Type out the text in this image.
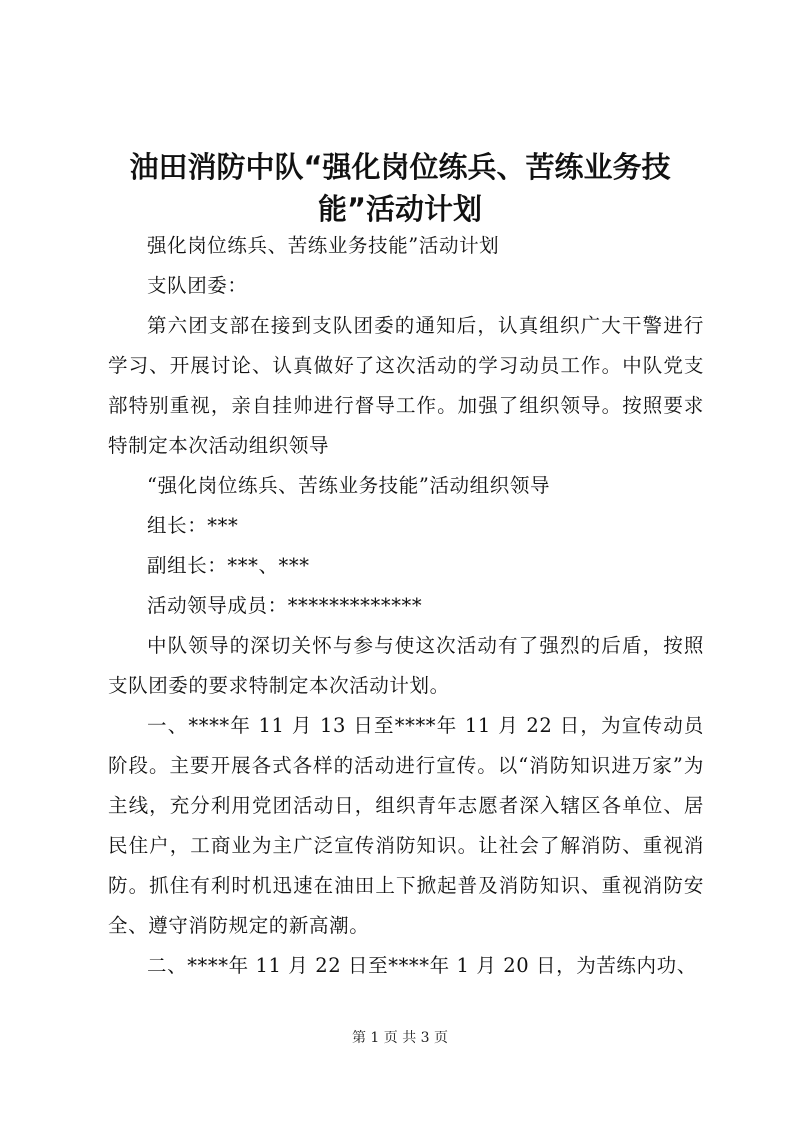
油田消防中队“强化岗位练兵、苦练业务技能”活动计划

强化岗位练兵、苦练业务技能”活动计划

支队团委：

第六团支部在接到支队团委的通知后，认真组织广大干警进行学习、开展讨论、认真做好了这次活动的学习动员工作。中队党支部特别重视，亲自挂帅进行督导工作。加强了组织领导。按照要求特制定本次活动组织领导

“强化岗位练兵、苦练业务技能”活动组织领导

组长：***

副组长：***、***

活动领导成员：*************

中队领导的深切关怀与参与使这次活动有了强烈的后盾，按照支队团委的要求特制定本次活动计划。

一、****年 11 月 13 日至****年 11 月 22 日，为宣传动员阶段。主要开展各式各样的活动进行宣传。以“消防知识进万家”为主线，充分利用党团活动日，组织青年志愿者深入辖区各单位、居民住户，工商业为主广泛宣传消防知识。让社会了解消防、重视消防。抓住有利时机迅速在油田上下掀起普及消防知识、重视消防安全、遵守消防规定的新高潮。

二、****年 11 月 22 日至****年 1 月 20 日，为苦练内功、

第 1 页 共 3 页
